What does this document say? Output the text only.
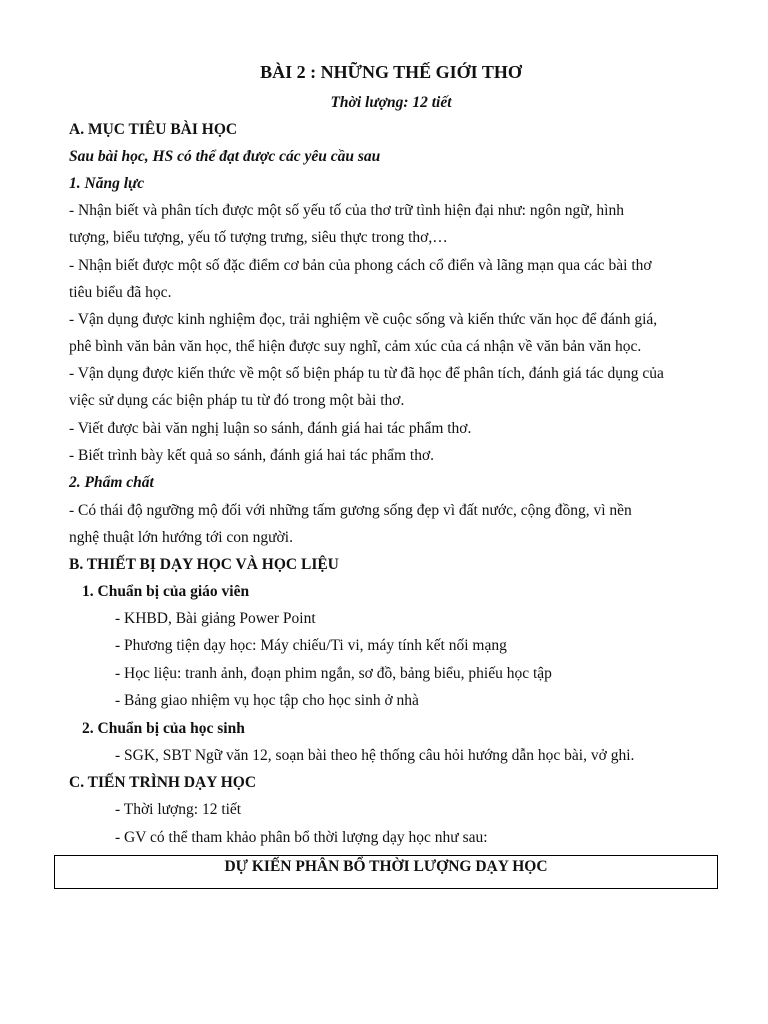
BÀI 2 : NHỮNG THẾ GIỚI THƠ
Thời lượng: 12 tiết
A. MỤC TIÊU BÀI HỌC
Sau bài học, HS có thể đạt được các yêu cầu sau
1. Năng lực
- Nhận biết và phân tích được một số yếu tố của thơ trữ tình hiện đại như: ngôn ngữ, hình
tượng, biểu tượng, yếu tố tượng trưng, siêu thực trong thơ,…
- Nhận biết được một số đặc điểm cơ bản của phong cách cổ điển và lãng mạn qua các bài thơ
tiêu biểu đã học.
- Vận dụng được kinh nghiệm đọc, trải nghiệm về cuộc sống và kiến thức văn học để đánh giá,
phê bình văn bản văn học, thể hiện được suy nghĩ, cảm xúc của cá nhận về văn bản văn học.
- Vận dụng được kiến thức về một số biện pháp tu từ đã học để phân tích, đánh giá tác dụng của
việc sử dụng các biện pháp tu từ đó trong một bài thơ.
- Viết được bài văn nghị luận so sánh, đánh giá hai tác phẩm thơ.
- Biết trình bày kết quả so sánh, đánh giá hai tác phẩm thơ.
2. Phẩm chất
- Có thái độ ngưỡng mộ đối với những tấm gương sống đẹp vì đất nước, cộng đồng, vì nền
nghệ thuật lớn hướng tới con người.
B. THIẾT BỊ DẠY HỌC VÀ HỌC LIỆU
1. Chuẩn bị của giáo viên
- KHBD, Bài giảng Power Point
- Phương tiện dạy học: Máy chiếu/Ti vi, máy tính kết nối mạng
- Học liệu: tranh ảnh, đoạn phim ngắn, sơ đồ, bảng biểu, phiếu học tập
- Bảng giao nhiệm vụ học tập cho học sinh ở nhà
2. Chuẩn bị của học sinh
- SGK, SBT Ngữ văn 12, soạn bài theo hệ thống câu hỏi hướng dẫn học bài, vở ghi.
C. TIẾN TRÌNH DẠY HỌC
- Thời lượng: 12 tiết
- GV có thể tham khảo phân bổ thời lượng dạy học như sau:
DỰ KIẾN PHÂN BỔ THỜI LƯỢNG DẠY HỌC
